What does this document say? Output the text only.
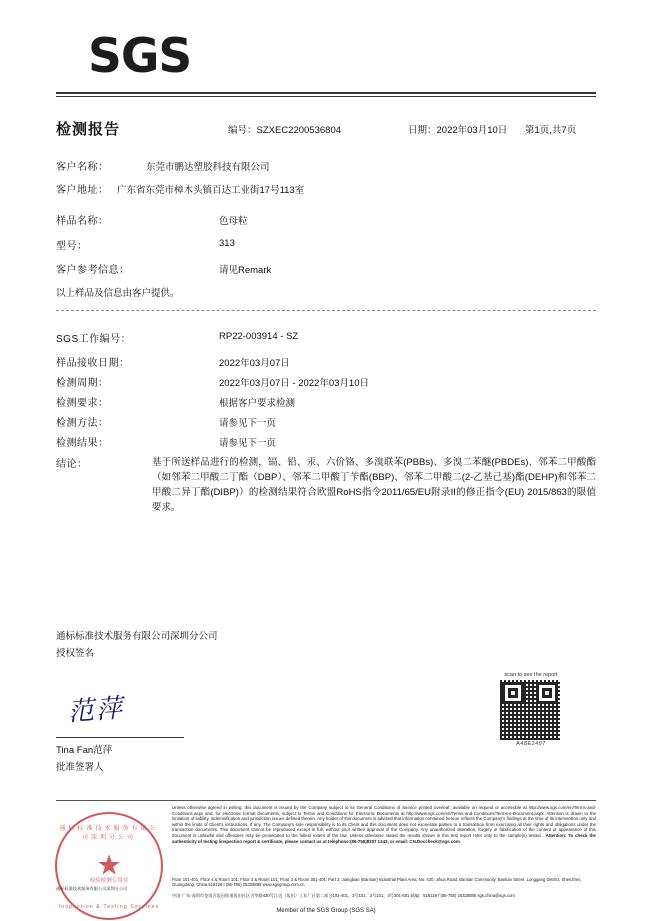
SGS
检测报告	编号：SZXEC2200536804	日期：2022年03月10日 第1页,共7页
客户名称：	东莞市鹏达塑胶科技有限公司
客户地址： 广东省东莞市樟木头镇百达工业街17号113室
样品名称：	色母粒
型号：	313
客户参考信息：	请见Remark
以上样品及信息由客户提供。
SGS工作编号：	RP22-003914 - SZ
样品接收日期：	2022年03月07日
检测周期：	2022年03月07日 - 2022年03月10日
检测要求：	根据客户要求检测
检测方法：	请参见下一页
检测结果：	请参见下一页
结论：	基于所送样品进行的检测，镉、铅、汞、六价铬、多溴联苯(PBBs)、多溴二苯醚(PBDEs)、邻苯二甲酸酯（如邻苯二甲酸二丁酯（DBP）、邻苯二甲酸丁苄酯(BBP)、邻苯二甲酸二(2-乙基己基)酯(DEHP)和邻苯二甲酸二异丁酯(DIBP)）的检测结果符合欧盟RoHS指令2011/65/EU附录II的修正指令(EU) 2015/863的限值要求。
通标标准技术服务有限公司深圳分公司
授权签名
范萍
Tina Fan范萍
批准签署人
scan to see the report
A48E2497
Unless otherwise agreed in writing, this document is issued by the Company subject to its General Conditions of Service printed overleaf, available on request or accessible at http://www.sgs.com/en/Terms-and-Conditions.aspx and, for electronic format documents, subject to Terms and Conditions for Electronic Documents at http://www.sgs.com/en/Terms-and-Conditions/Terms-e-Document.aspx. Attention is drawn to the limitation of liability, indemnification and jurisdiction issues defined therein. Any holder of this document is advised that information contained hereon reflects the Company's findings at the time of its intervention only and within the limits of Client's instructions, if any. The Company's sole responsibility is to its Client and this document does not exonerate parties to a transaction from exercising all their rights and obligations under the transaction documents. This document cannot be reproduced except in full, without prior written approval of the Company. Any unauthorized alteration, forgery or falsification of the content or appearance of this document is unlawful and offenders may be prosecuted to the fullest extent of the law. Unless otherwise stated the results shown in this test report refer only to the sample(s) tested . Attention: To check the authenticity of testing /inspection report & certificate, please contact us at telephone:(86-755)8307 1443, or email: CN.Doccheck@sgs.com
通标标准技术服务有限公司深圳分公司
★
检验检测专用章
Inspection & Testing Services
通标标准技术服务有限公司深圳分公司
Floor 101-401, Floor 4 & Room 101, Floor 3 & Room 101, Floor 3 & Room 301-401, Part 2, Jiangbian (Bantian) Industrial Plant Area, No. 430, Jihua Road, Bantian Community, Bantian Street, Longgang District, Shenzhen, Guangdong, China 518129 t (86-755) 25328888 www.sgsgroup.com.cn
中国·广东·深圳市龙岗区坂田街道坂田社区吉华路430号江边（坂田）工业厂区第二部分101-401、3号101、3号101、3号301-501 邮编：518129 f (86-755) 25328888 sgs.china@sgs.com
Member of the SGS Group (SGS SA)
